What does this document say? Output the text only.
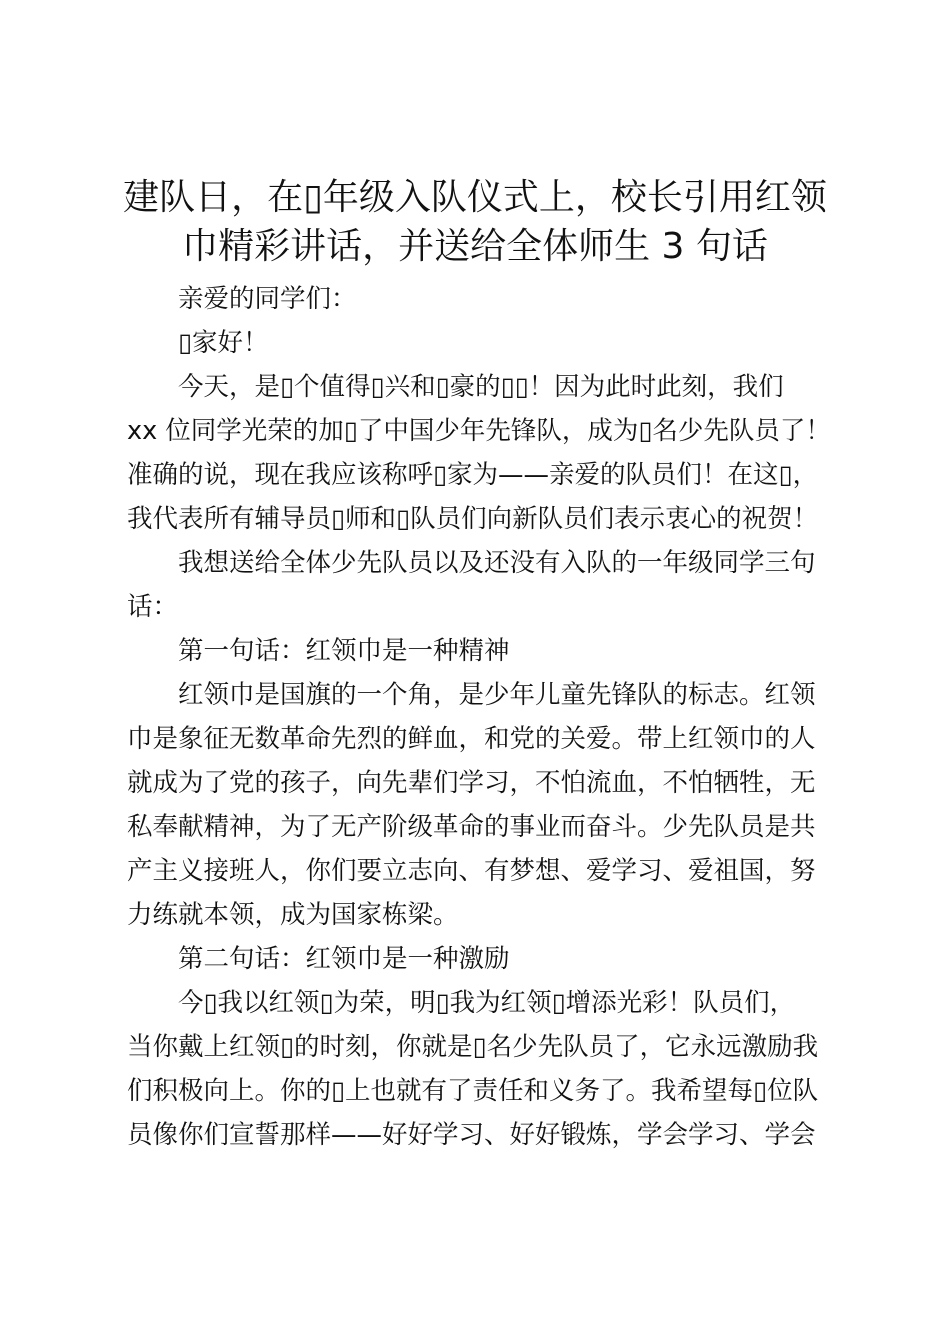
建队日，在▯年级入队仪式上，校长引用红领
巾精彩讲话，并送给全体师生 3 句话

亲爱的同学们：

▯家好！

今天，是▯个值得▯兴和▯豪的▯▯！因为此时此刻，我们

xx 位同学光荣的加▯了中国少年先锋队，成为▯名少先队员了！

准确的说，现在我应该称呼▯家为——亲爱的队员们！在这▯，

我代表所有辅导员▯师和▯队员们向新队员们表示衷心的祝贺！

我想送给全体少先队员以及还没有入队的一年级同学三句

话：

第一句话：红领巾是一种精神

红领巾是国旗的一个角，是少年儿童先锋队的标志。红领

巾是象征无数革命先烈的鲜血，和党的关爱。带上红领巾的人

就成为了党的孩子，向先辈们学习，不怕流血，不怕牺牲，无

私奉献精神，为了无产阶级革命的事业而奋斗。少先队员是共

产主义接班人，你们要立志向、有梦想、爱学习、爱祖国，努

力练就本领，成为国家栋梁。

第二句话：红领巾是一种激励

今▯我以红领▯为荣，明▯我为红领▯增添光彩！队员们，

当你戴上红领▯的时刻，你就是▯名少先队员了，它永远激励我

们积极向上。你的▯上也就有了责任和义务了。我希望每▯位队

员像你们宣誓那样——好好学习、好好锻炼，学会学习、学会
